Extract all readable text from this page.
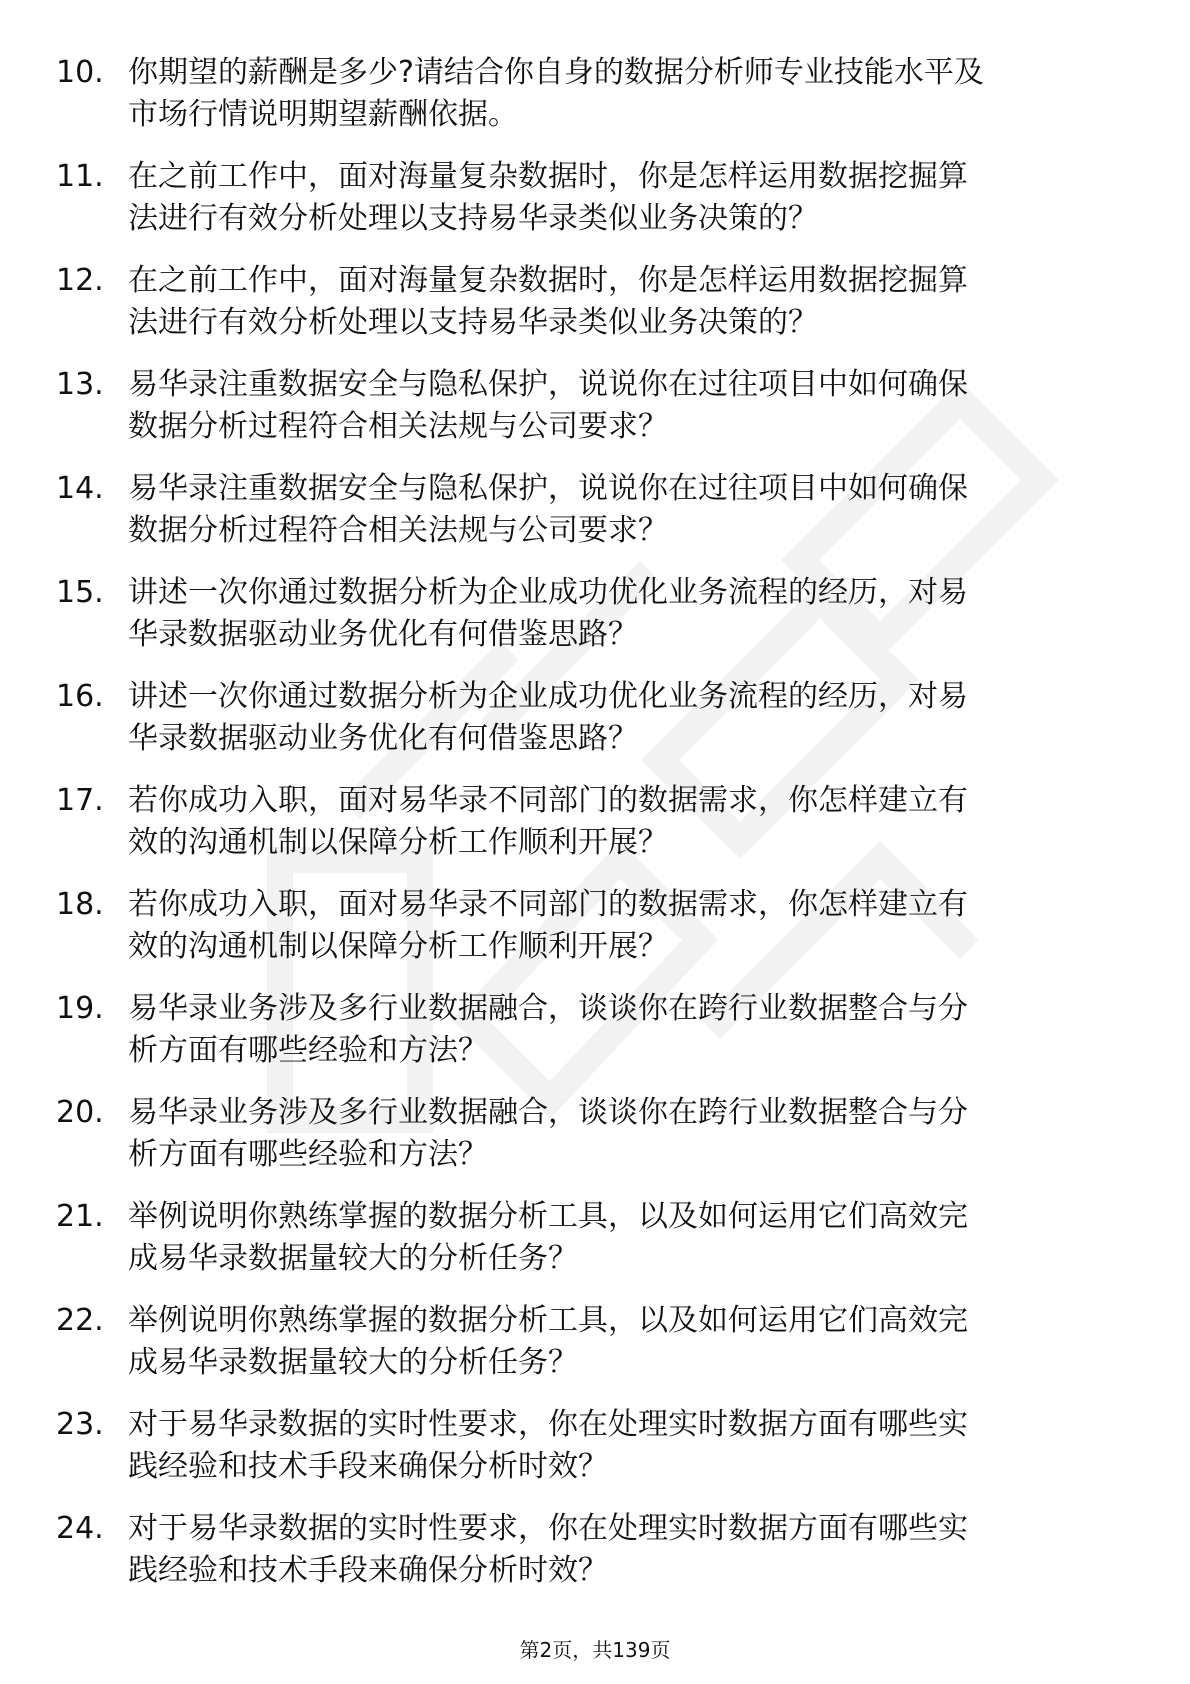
10. 你期望的薪酬是多少?请结合你自身的数据分析师专业技能水平及
市场行情说明期望薪酬依据。
11. 在之前工作中，面对海量复杂数据时，你是怎样运用数据挖掘算
法进行有效分析处理以支持易华录类似业务决策的？
12. 在之前工作中，面对海量复杂数据时，你是怎样运用数据挖掘算
法进行有效分析处理以支持易华录类似业务决策的？
13. 易华录注重数据安全与隐私保护，说说你在过往项目中如何确保
数据分析过程符合相关法规与公司要求？
14. 易华录注重数据安全与隐私保护，说说你在过往项目中如何确保
数据分析过程符合相关法规与公司要求？
15. 讲述一次你通过数据分析为企业成功优化业务流程的经历，对易
华录数据驱动业务优化有何借鉴思路？
16. 讲述一次你通过数据分析为企业成功优化业务流程的经历，对易
华录数据驱动业务优化有何借鉴思路？
17. 若你成功入职，面对易华录不同部门的数据需求，你怎样建立有
效的沟通机制以保障分析工作顺利开展？
18. 若你成功入职，面对易华录不同部门的数据需求，你怎样建立有
效的沟通机制以保障分析工作顺利开展？
19. 易华录业务涉及多行业数据融合，谈谈你在跨行业数据整合与分
析方面有哪些经验和方法？
20. 易华录业务涉及多行业数据融合，谈谈你在跨行业数据整合与分
析方面有哪些经验和方法？
21. 举例说明你熟练掌握的数据分析工具，以及如何运用它们高效完
成易华录数据量较大的分析任务？
22. 举例说明你熟练掌握的数据分析工具，以及如何运用它们高效完
成易华录数据量较大的分析任务？
23. 对于易华录数据的实时性要求，你在处理实时数据方面有哪些实
践经验和技术手段来确保分析时效？
24. 对于易华录数据的实时性要求，你在处理实时数据方面有哪些实
践经验和技术手段来确保分析时效？
第2页，共139页
